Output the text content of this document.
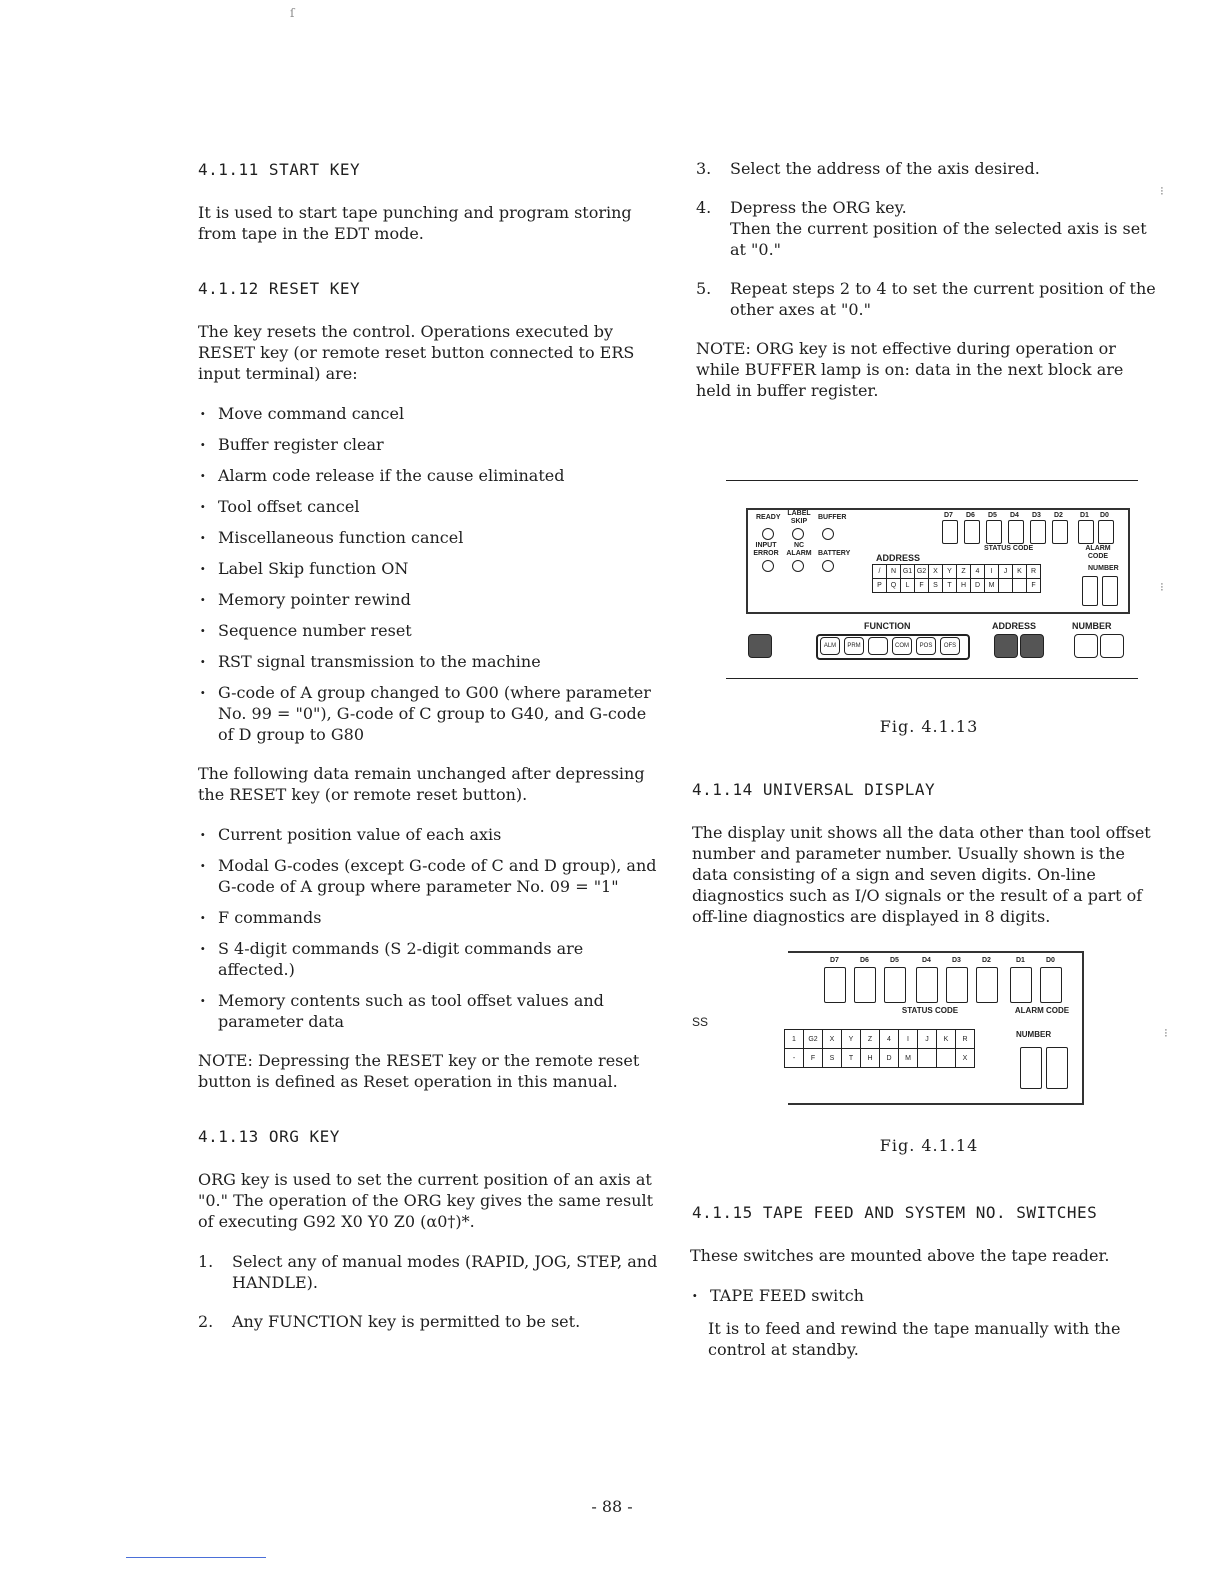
4.1.11 START KEY

It is used to start tape punching and program storing from tape in the EDT mode.

4.1.12 RESET KEY

The key resets the control. Operations executed by RESET key (or remote reset button connected to ERS input terminal) are:

· Move command cancel
· Buffer register clear
· Alarm code release if the cause eliminated
· Tool offset cancel
· Miscellaneous function cancel
· Label Skip function ON
· Memory pointer rewind
· Sequence number reset
· RST signal transmission to the machine
· G-code of A group changed to G00 (where parameter No. 99 = "0"), G-code of C group to G40, and G-code of D group to G80

The following data remain unchanged after depressing the RESET key (or remote reset button).

· Current position value of each axis
· Modal G-codes (except G-code of C and D group), and G-code of A group where parameter No. 09 = "1"
· F commands
· S 4-digit commands (S 2-digit commands are affected.)
· Memory contents such as tool offset values and parameter data

NOTE: Depressing the RESET key or the remote reset button is defined as Reset operation in this manual.

4.1.13 ORG KEY

ORG key is used to set the current position of an axis at "0." The operation of the ORG key gives the same result of executing G92 X0 Y0 Z0 (α0†)*.

1.	Select any of manual modes (RAPID, JOG, STEP, and HANDLE).
2.	Any FUNCTION key is permitted to be set.
3.	Select the address of the axis desired.
4.	Depress the ORG key.
Then the current position of the selected axis is set at "0."
5.	Repeat steps 2 to 4 to set the current position of the other axes at "0."

NOTE: ORG key is not effective during operation or while BUFFER lamp is on: data in the next block are held in buffer register.

READY
LABEL SKIP
BUFFER
INPUT ERROR
NC ALARM BATTERY
D7 D6 D5 D4 D3 D2 D1 D0
STATUS CODE	ALARM CODE
ADDRESS
NUMBER
/	N	G1	G2	X	Y	Z	4	I	J	K	R
P	Q	L	F	S	T	H	D	M			F
FUNCTION	ADDRESS	NUMBER
ALM	PRM	COM	POS	OFS

Fig. 4.1.13

4.1.14 UNIVERSAL DISPLAY

The display unit shows all the data other than tool offset number and parameter number. Usually shown is the data consisting of a sign and seven digits. On-line diagnostics such as I/O signals or the result of a part of off-line diagnostics are displayed in 8 digits.

D7	D6	D5	D4	D3	D2	D1	D0
STATUS CODE	ALARM CODE
SS
NUMBER
1	G2	X	Y	Z	4	I	J	K	R
-	F	S	T	H	D	M			X

Fig. 4.1.14

4.1.15 TAPE FEED AND SYSTEM NO. SWITCHES

These switches are mounted above the tape reader.

· TAPE FEED switch

It is to feed and rewind the tape manually with the control at standby.

- 88 -
ſ
⁝
⁝
⁝
